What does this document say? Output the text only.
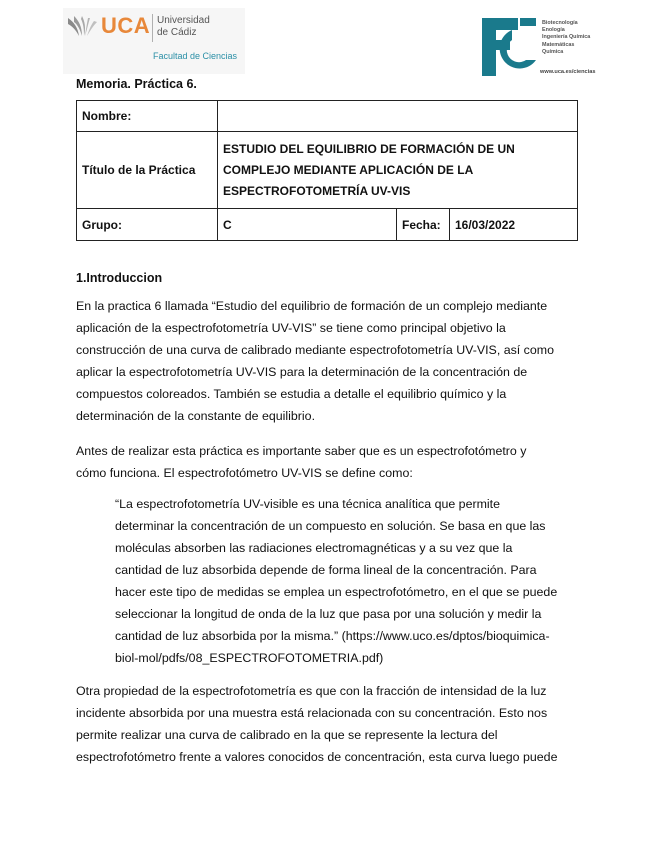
UCA Universidad
de Cádiz
Facultad de Ciencias
Biotecnología
Enología
Ingeniería Química
Matemáticas
Química
www.uca.es/ciencias
Memoria. Práctica 6.
Nombre:			
Título de la Práctica	ESTUDIO DEL EQUILIBRIO DE FORMACIÓN DE UN
COMPLEJO MEDIANTE APLICACIÓN DE LA
ESPECTROFOTOMETRÍA UV-VIS		

Grupo:	C	Fecha:	16/03/2022
1.Introduccion
En la practica 6 llamada “Estudio del equilibrio de formación de un complejo mediante
aplicación de la espectrofotometría UV-VIS” se tiene como principal objetivo la
construcción de una curva de calibrado mediante espectrofotometría UV-VIS, así como
aplicar la espectrofotometría UV-VIS para la determinación de la concentración de
compuestos coloreados. También se estudia a detalle el equilibrio químico y la
determinación de la constante de equilibrio.
Antes de realizar esta práctica es importante saber que es un espectrofotómetro y
cómo funciona. El espectrofotómetro UV-VIS se define como:
“La espectrofotometría UV-visible es una técnica analítica que permite
determinar la concentración de un compuesto en solución. Se basa en que las
moléculas absorben las radiaciones electromagnéticas y a su vez que la
cantidad de luz absorbida depende de forma lineal de la concentración. Para
hacer este tipo de medidas se emplea un espectrofotómetro, en el que se puede
seleccionar la longitud de onda de la luz que pasa por una solución y medir la
cantidad de luz absorbida por la misma.” (https://www.uco.es/dptos/bioquimica-
biol-mol/pdfs/08_ESPECTROFOTOMETRIA.pdf)
Otra propiedad de la espectrofotometría es que con la fracción de intensidad de la luz
incidente absorbida por una muestra está relacionada con su concentración. Esto nos
permite realizar una curva de calibrado en la que se represente la lectura del
espectrofotómetro frente a valores conocidos de concentración, esta curva luego puede
